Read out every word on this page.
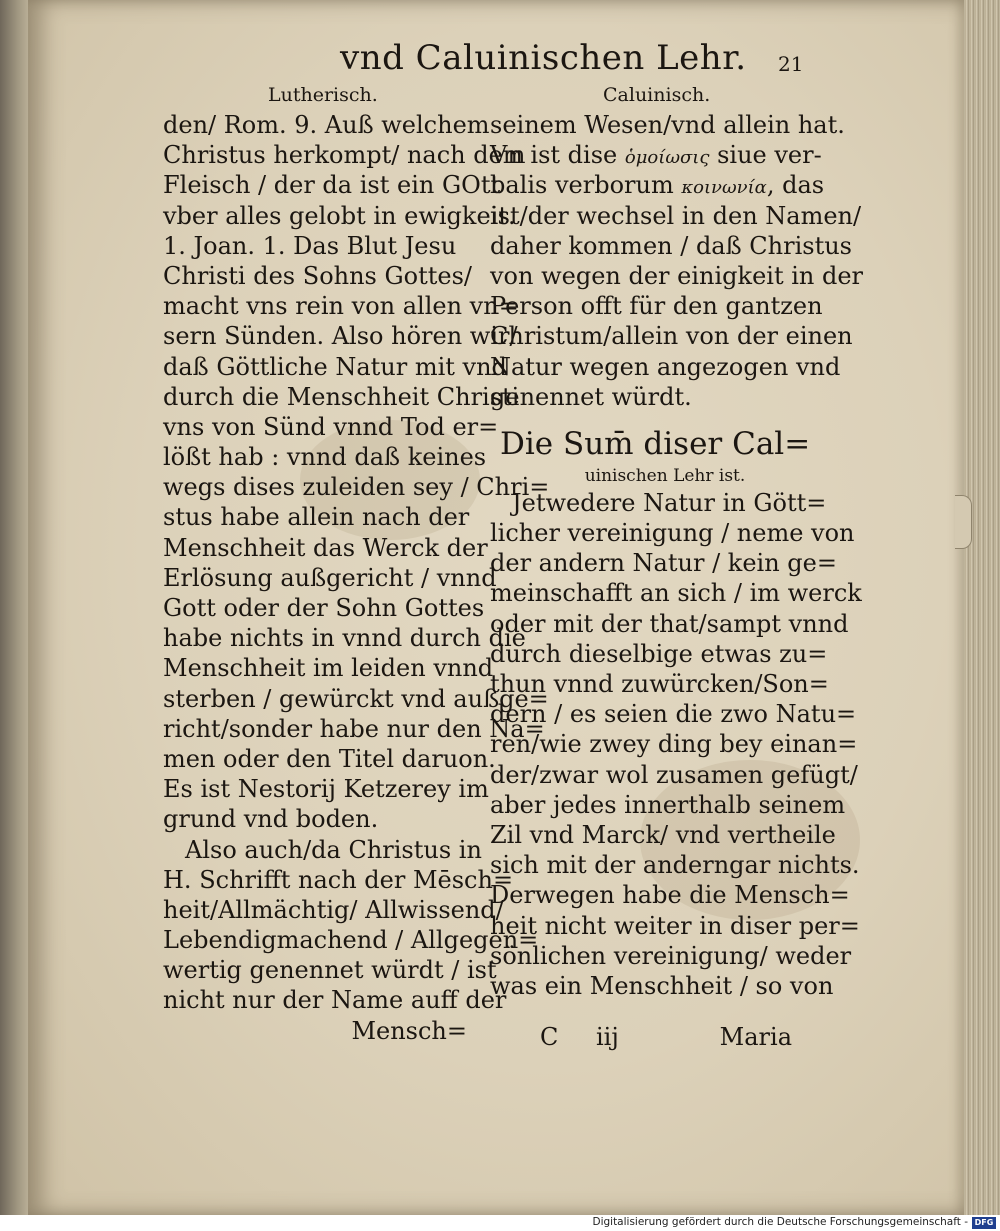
vnd Caluinischen Lehr. 21
Lutherisch.	Caluinisch.
den/ Rom. 9. Auß welchem
Christus herkompt/ nach dem
Fleisch / der da ist ein GOtt
vber alles gelobt in ewigkeit.
1. Joan. 1. Das Blut Jesu
Christi des Sohns Gottes/
macht vns rein von allen vn=
sern Sünden. Also hören wir/
daß Göttliche Natur mit vnd
durch die Menschheit Christi
vns von Sünd vnnd Tod er=
lößt hab : vnnd daß keines
wegs dises zuleiden sey / Chri=
stus habe allein nach der
Menschheit das Werck der
Erlösung außgericht / vnnd
Gott oder der Sohn Gottes
habe nichts in vnnd durch die
Menschheit im leiden vnnd
sterben / gewürckt vnd außge=
richt/sonder habe nur den Na=
men oder den Titel daruon.
Es ist Nestorij Ketzerey im
grund vnd boden.
Also auch/da Christus in
H. Schrifft nach der Mēsch=
heit/Allmächtig/ Allwissend/
Lebendigmachend / Allgegen=
wertig genennet würdt / ist
nicht nur der Name auff der
Mensch=
seinem Wesen/vnd allein hat.
Vn ist dise ὁμοίωσις siue ver-
balis verborum κοινωνία, das
ist/der wechsel in den Namen/
daher kommen / daß Christus
von wegen der einigkeit in der
Person offt für den gantzen
Christum/allein von der einen
Natur wegen angezogen vnd
genennet würdt.
Die Sum̄ diser Cal=
uinischen Lehr ist.
Jetwedere Natur in Gött=
licher vereinigung / neme von
der andern Natur / kein ge=
meinschafft an sich / im werck
oder mit der that/sampt vnnd
durch dieselbige etwas zu=
thun vnnd zuwürcken/Son=
dern / es seien die zwo Natu=
ren/wie zwey ding bey einan=
der/zwar wol zusamen gefügt/
aber jedes innerthalb seinem
Zil vnd Marck/ vnd vertheile
sich mit der anderngar nichts.
Derwegen habe die Mensch=
heit nicht weiter in diser per=
sönlichen vereinigung/ weder
was ein Menschheit / so von
C iij	Maria
Digitalisierung gefördert durch die Deutsche Forschungsgemeinschaft - DFG
